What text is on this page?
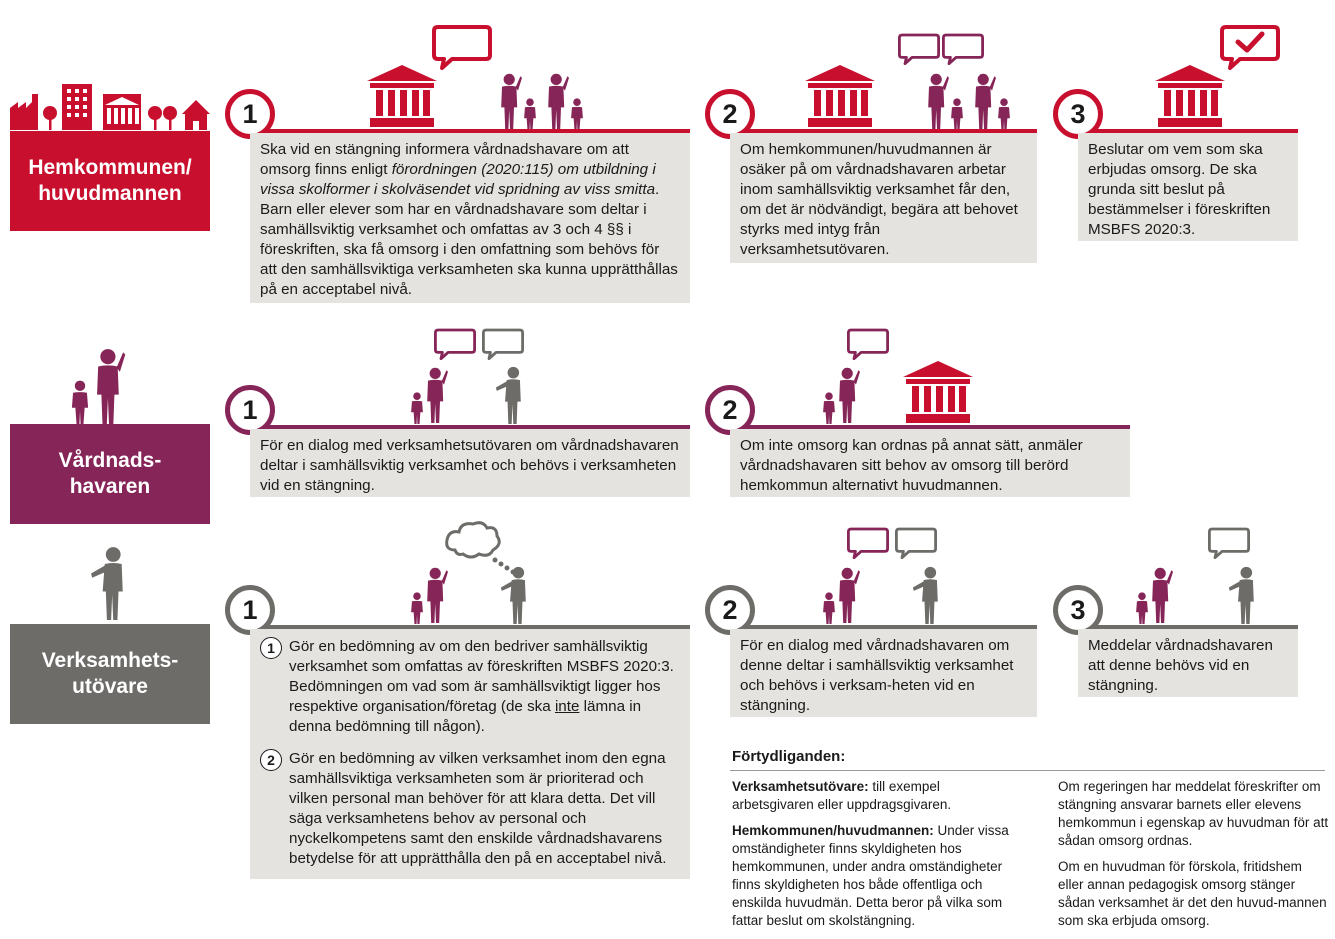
Hemkommunen/
huvudmannen
1
Ska vid en stängning informera vårdnadshavare om att omsorg finns enligt förordningen (2020:115) om utbildning i vissa skolformer i skolväsendet vid spridning av viss smitta. Barn eller elever som har en vårdnadshavare som deltar i samhällsviktig verksamhet och omfattas av 3 och 4 §§ i föreskriften, ska få omsorg i den omfattning som behövs för att den samhällsviktiga verksamheten ska kunna upprätthållas på en acceptabel nivå.
2
Om hemkommunen/huvudmannen är osäker på om vårdnadshavaren arbetar inom samhällsviktig verksamhet får den, om det är nödvändigt, begära att behovet styrks med intyg från verksamhetsutövaren.
3
Beslutar om vem som ska erbjudas omsorg. De ska grunda sitt beslut på bestämmelser i föreskriften MSBFS 2020:3.
Vårdnads-
havaren
1
För en dialog med verksamhetsutövaren om vårdnadshavaren deltar i samhällsviktig verksamhet och behövs i verksamheten vid en stängning.
2
Om inte omsorg kan ordnas på annat sätt, anmäler vårdnadshavaren sitt behov av omsorg till berörd hemkommun alternativt huvudmannen.
Verksamhets-
utövare
1
1 Gör en bedömning av om den bedriver samhällsviktig verksamhet som omfattas av föreskriften MSBFS 2020:3. Bedömningen om vad som är samhällsviktigt ligger hos respektive organisation/företag (de ska inte lämna in denna bedömning till någon).
2 Gör en bedömning av vilken verksamhet inom den egna samhällsviktiga verksamheten som är prioriterad och vilken personal man behöver för att klara detta. Det vill säga verksamhetens behov av personal och nyckelkompetens samt den enskilde vårdnadshavarens betydelse för att upprätthålla den på en acceptabel nivå.
2
För en dialog med vårdnadshavaren om denne deltar i samhällsviktig verksamhet och behövs i verksam-heten vid en stängning.
3
Meddelar vårdnadshavaren att denne behövs vid en stängning.
Förtydliganden:

Verksamhetsutövare: till exempel arbetsgivaren eller uppdragsgivaren.

Hemkommunen/huvudmannen: Under vissa omständigheter finns skyldigheten hos hemkommunen, under andra omständigheter finns skyldigheten hos både offentliga och enskilda huvudmän. Detta beror på vilka som fattar beslut om skolstängning.

Om regeringen har meddelat föreskrifter om stängning ansvarar barnets eller elevens hemkommun i egenskap av huvudman för att sådan omsorg ordnas.

Om en huvudman för förskola, fritidshem eller annan pedagogisk omsorg stänger sådan verksamhet är det den huvud-mannen som ska erbjuda omsorg.
